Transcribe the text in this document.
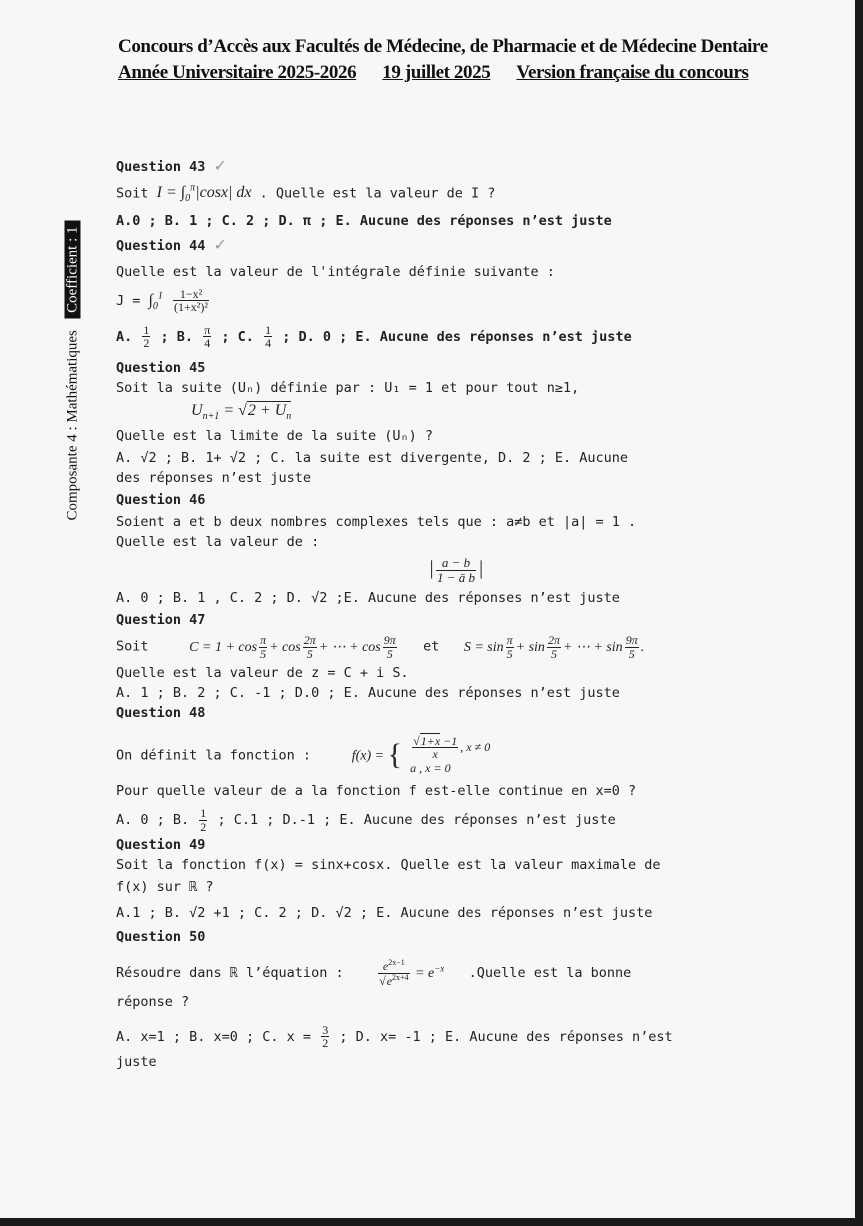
Concours d’Accès aux Facultés de Médecine, de Pharmacie et de Médecine Dentaire
Année Universitaire 2025-2026 19 juillet 2025 Version française du concours
Composante 4 : Mathématiques   Coefficient : 1
Question 43 ✓
Soit $I = \int_0^\pi|\cos x|$ dx . Quelle est la valeur de I ?
A.0 ; B. 1 ; C. 2 ; D. π ; E. Aucune des réponses n’est juste
Question 44 ✓
Quelle est la valeur de l'intégrale définie suivante :
$J = \int_0^1 \frac{\text{1−x²}}{\text{(1+x²)²}}$
A. $\frac{1}{2}$ ; B. $\frac{\pi}{4}$ ; C. $\frac{1}{4}$ ; D. 0 ; E. Aucune des réponses n’est juste
Question 45
Soit la suite (Uₙ) définie par : U₁ = 1 et pour tout n≥1,
$U_{n+1} = √2 + U_n$
Quelle est la limite de la suite (Uₙ) ?
A. √2 ; B. 1+ √2 ; C. la suite est divergente, D. 2 ; E. Aucune
des réponses n’est juste
Question 46
Soient a et b deux nombres complexes tels que : a≠b et |a| = 1 .
Quelle est la valeur de :
| $\frac{a - b}{\text{1 − ā b}}$ |
A. 0 ; B. 1 , C. 2 ; D. √2 ;E. Aucune des réponses n’est juste
Question 47
Soit	$C = 1 + \cos \frac{\pi}{5} + \cos \frac{2\pi}{5}$ + ⋯ + $\cos \frac{9\pi}{5}$ et $S = \sin \frac{\pi}{5} + \sin \frac{2\pi}{5}$ + ⋯ + $\sin \frac{9\pi}{5}$ .
Quelle est la valeur de z = C + i S.
A. 1 ; B. 2 ; C. -1 ; D.0 ; E. Aucune des réponses n’est juste
Question 48
On définit la fonction :	f(x) = { $\frac{√1+x -1}{x}$ , x ≠ 0
a , x = 0
Pour quelle valeur de a la fonction f est-elle continue en x=0 ?
A. 0 ; B. $\frac{1}{2}$ ; C.1 ; D.-1 ; E. Aucune des réponses n’est juste
Question 49
Soit la fonction f(x) = sinx+cosx. Quelle est la valeur maximale de
f(x) sur ℝ ?
A.1 ; B. √2 +1 ; C. 2 ; D. √2 ; E. Aucune des réponses n’est juste
Question 50
Résoudre dans ℝ l’équation :	$\frac{e^{2x-1}}{√e^{2x+4}} = e^{-x}$ .Quelle est la bonne
réponse ?
A. x=1 ; B. x=0 ; C. $x = \frac{3}{2}$ ; D. x= -1 ; E. Aucune des réponses n’est
juste
